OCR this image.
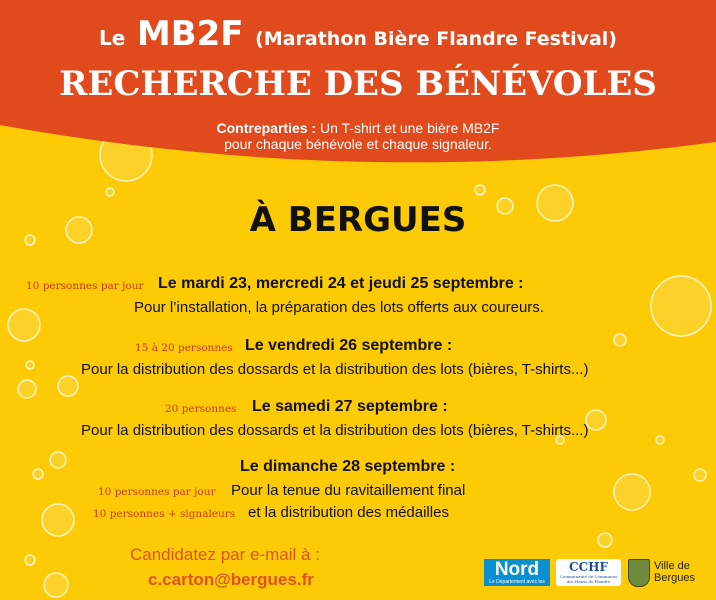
Le MB2F (Marathon Bière Flandre Festival)
RECHERCHE DES BÉNÉVOLES
Contreparties : Un T-shirt et une bière MB2F
pour chaque bénévole et chaque signaleur.
À BERGUES
10 personnes par jour Le mardi 23, mercredi 24 et jeudi 25 septembre :
Pour l’installation, la préparation des lots offerts aux coureurs.
15 à 20 personnes Le vendredi 26 septembre :
Pour la distribution des dossards et la distribution des lots (bières, T-shirts...)
20 personnes Le samedi 27 septembre :
Pour la distribution des dossards et la distribution des lots (bières, T-shirts...)
Le dimanche 28 septembre :
10 personnes par jour Pour la tenue du ravitaillement final
10 personnes + signaleurs et la distribution des médailles
Candidatez par e-mail à :
c.carton@bergues.fr	Nord
Le Département avec les
CCHF
Communauté de Communes des Hauts de Flandre
Ville de
Bergues
